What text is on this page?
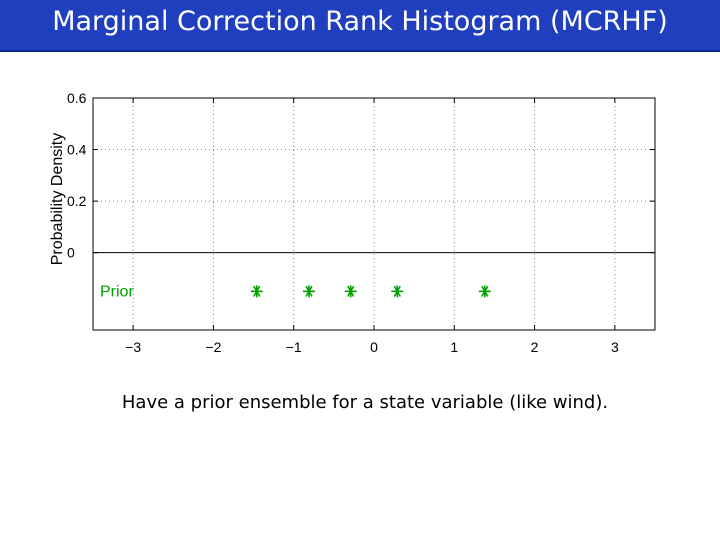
Marginal Correction Rank Histogram (MCRHF)
−3	−2	−1	0	1	2	3
0
0.2
0.4
0.6
Probability Density
Prior
Have a prior ensemble for a state variable (like wind).
